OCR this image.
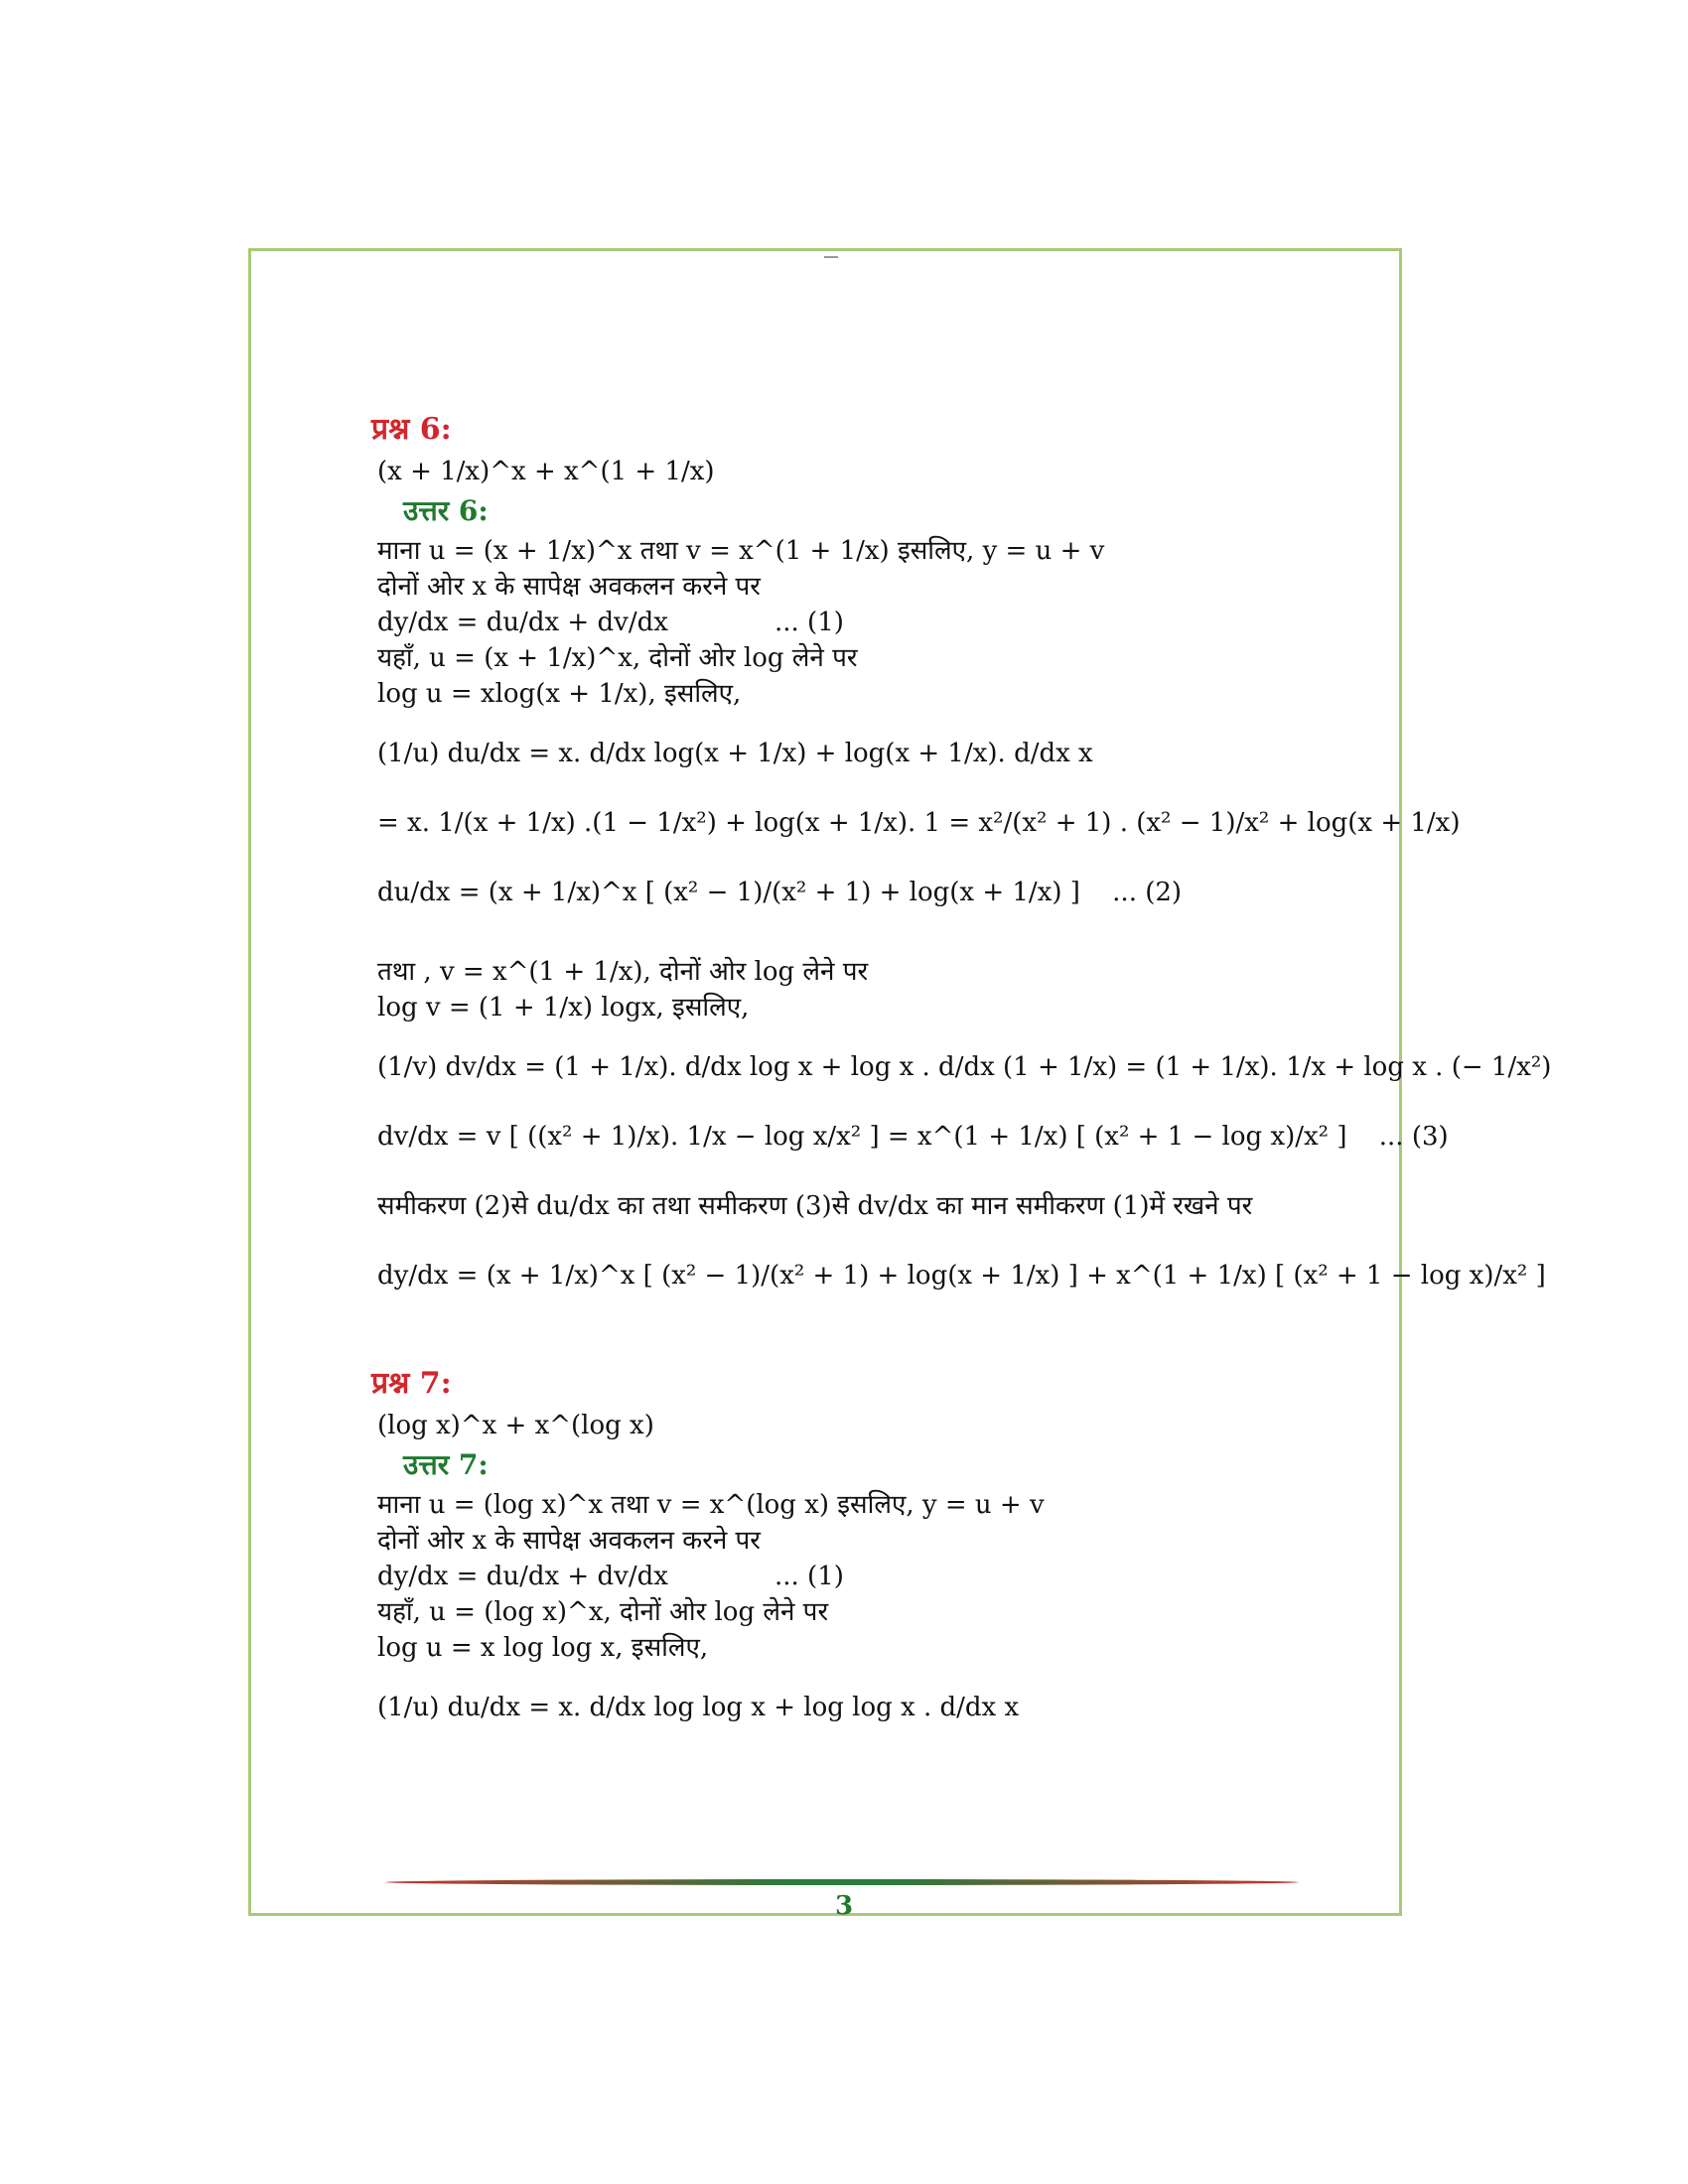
प्रश्न 6:
(x + 1/x)^x + x^(1 + 1/x)
उत्तर 6:
माना u = (x + 1/x)^x तथा v = x^(1 + 1/x) इसलिए, y = u + v
दोनों ओर x के सापेक्ष अवकलन करने पर
dy/dx = du/dx + dv/dx	... (1)
यहाँ, u = (x + 1/x)^x, दोनों ओर log लेने पर
log u = xlog(x + 1/x), इसलिए,
(1/u) du/dx = x. d/dx log(x + 1/x) + log(x + 1/x). d/dx x
= x. 1/(x + 1/x) .(1 − 1/x²) + log(x + 1/x). 1 = x²/(x² + 1) . (x² − 1)/x² + log(x + 1/x)
du/dx = (x + 1/x)^x [ (x² − 1)/(x² + 1) + log(x + 1/x) ] ... (2)
तथा , v = x^(1 + 1/x), दोनों ओर log लेने पर
log v = (1 + 1/x) logx, इसलिए,
(1/v) dv/dx = (1 + 1/x). d/dx log x + log x . d/dx (1 + 1/x) = (1 + 1/x). 1/x + log x . (− 1/x²)
dv/dx = v [ ((x² + 1)/x). 1/x − log x/x² ] = x^(1 + 1/x) [ (x² + 1 − log x)/x² ] ... (3)
समीकरण (2)से du/dx का तथा समीकरण (3)से dv/dx का मान समीकरण (1)में रखने पर
dy/dx = (x + 1/x)^x [ (x² − 1)/(x² + 1) + log(x + 1/x) ] + x^(1 + 1/x) [ (x² + 1 − log x)/x² ]
प्रश्न 7:
(log x)^x + x^(log x)
उत्तर 7:
माना u = (log x)^x तथा v = x^(log x) इसलिए, y = u + v
दोनों ओर x के सापेक्ष अवकलन करने पर
dy/dx = du/dx + dv/dx	... (1)
यहाँ, u = (log x)^x, दोनों ओर log लेने पर
log u = x log log x, इसलिए,
(1/u) du/dx = x. d/dx log log x + log log x . d/dx x
3
